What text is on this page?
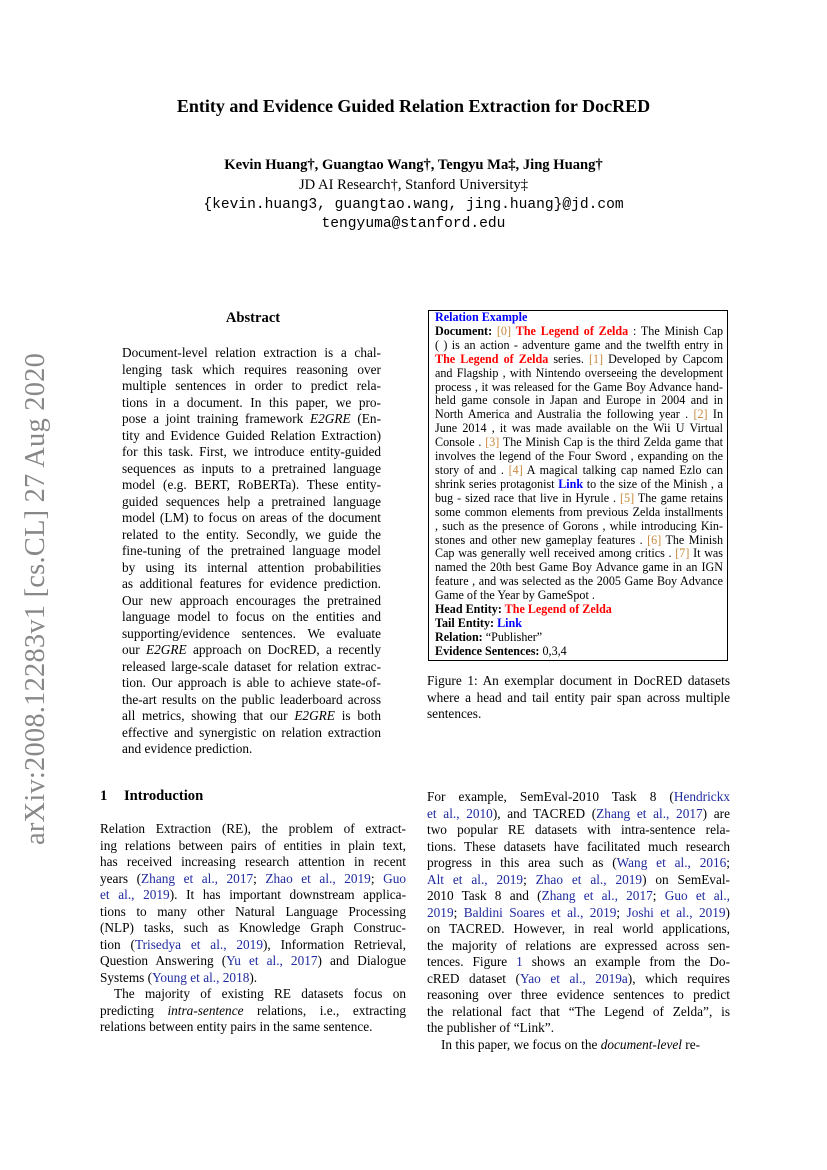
arXiv:2008.12283v1 [cs.CL] 27 Aug 2020
Entity and Evidence Guided Relation Extraction for DocRED
Kevin Huang†, Guangtao Wang†, Tengyu Ma‡, Jing Huang†
JD AI Research†, Stanford University‡
{kevin.huang3, guangtao.wang, jing.huang}@jd.com
tengyuma@stanford.edu
Abstract
Document-level relation extraction is a chal-
lenging task which requires reasoning over
multiple sentences in order to predict rela-
tions in a document. In this paper, we pro-
pose a joint training framework E2GRE (En-
tity and Evidence Guided Relation Extraction)
for this task. First, we introduce entity-guided
sequences as inputs to a pretrained language
model (e.g. BERT, RoBERTa). These entity-
guided sequences help a pretrained language
model (LM) to focus on areas of the document
related to the entity. Secondly, we guide the
fine-tuning of the pretrained language model
by using its internal attention probabilities
as additional features for evidence prediction.
Our new approach encourages the pretrained
language model to focus on the entities and
supporting/evidence sentences. We evaluate
our E2GRE approach on DocRED, a recently
released large-scale dataset for relation extrac-
tion. Our approach is able to achieve state-of-
the-art results on the public leaderboard across
all metrics, showing that our E2GRE is both
effective and synergistic on relation extraction
and evidence prediction.
1 Introduction
Relation Extraction (RE), the problem of extract-
ing relations between pairs of entities in plain text,
has received increasing research attention in recent
years (Zhang et al., 2017; Zhao et al., 2019; Guo
et al., 2019). It has important downstream applica-
tions to many other Natural Language Processing
(NLP) tasks, such as Knowledge Graph Construc-
tion (Trisedya et al., 2019), Information Retrieval,
Question Answering (Yu et al., 2017) and Dialogue
Systems (Young et al., 2018).
The majority of existing RE datasets focus on
predicting intra-sentence relations, i.e., extracting
relations between entity pairs in the same sentence.
For example, SemEval-2010 Task 8 (Hendrickx
et al., 2010), and TACRED (Zhang et al., 2017) are
two popular RE datasets with intra-sentence rela-
tions. These datasets have facilitated much research
progress in this area such as (Wang et al., 2016;
Alt et al., 2019; Zhao et al., 2019) on SemEval-
2010 Task 8 and (Zhang et al., 2017; Guo et al.,
2019; Baldini Soares et al., 2019; Joshi et al., 2019)
on TACRED. However, in real world applications,
the majority of relations are expressed across sen-
tences. Figure 1 shows an example from the Do-
cRED dataset (Yao et al., 2019a), which requires
reasoning over three evidence sentences to predict
the relational fact that “The Legend of Zelda”, is
the publisher of “Link”.
In this paper, we focus on the document-level re-
Relation Example
Document: [0] The Legend of Zelda : The Minish Cap
( ) is an action - adventure game and the twelfth entry in
The Legend of Zelda series. [1] Developed by Capcom
and Flagship , with Nintendo overseeing the development
process , it was released for the Game Boy Advance hand-
held game console in Japan and Europe in 2004 and in
North America and Australia the following year . [2] In
June 2014 , it was made available on the Wii U Virtual
Console . [3] The Minish Cap is the third Zelda game that
involves the legend of the Four Sword , expanding on the
story of and . [4] A magical talking cap named Ezlo can
shrink series protagonist Link to the size of the Minish , a
bug - sized race that live in Hyrule . [5] The game retains
some common elements from previous Zelda installments
, such as the presence of Gorons , while introducing Kin-
stones and other new gameplay features . [6] The Minish
Cap was generally well received among critics . [7] It was
named the 20th best Game Boy Advance game in an IGN
feature , and was selected as the 2005 Game Boy Advance
Game of the Year by GameSpot .
Head Entity: The Legend of Zelda
Tail Entity: Link
Relation: “Publisher”
Evidence Sentences: 0,3,4
Figure 1: An exemplar document in DocRED datasets
where a head and tail entity pair span across multiple
sentences.
